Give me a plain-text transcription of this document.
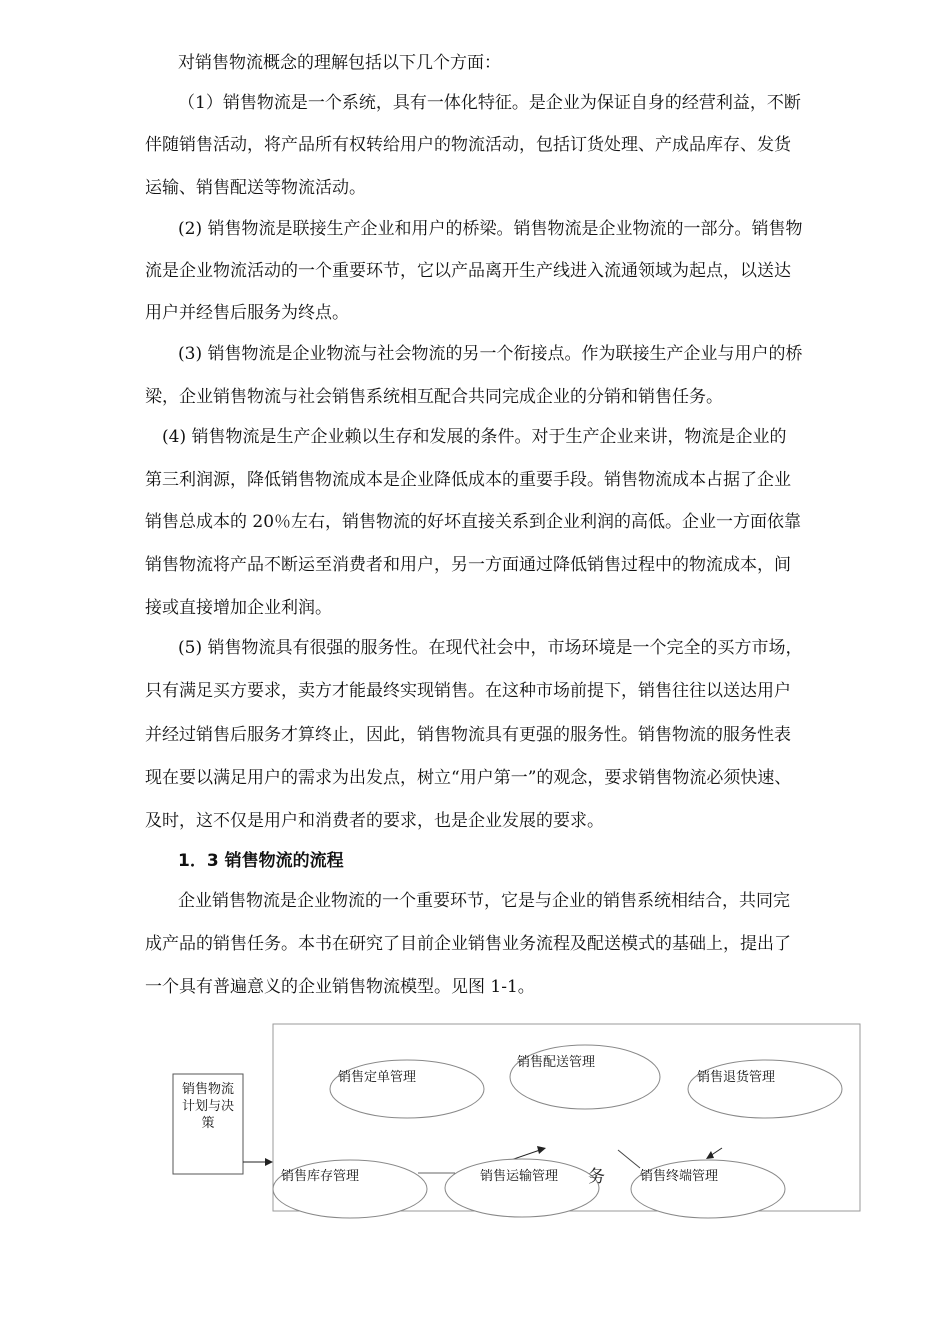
对销售物流概念的理解包括以下几个方面：
（1）销售物流是一个系统，具有一体化特征。是企业为保证自身的经营利益，不断
伴随销售活动，将产品所有权转给用户的物流活动，包括订货处理、产成品库存、发货
运输、销售配送等物流活动。
(2) 销售物流是联接生产企业和用户的桥梁。销售物流是企业物流的一部分。销售物
流是企业物流活动的一个重要环节，它以产品离开生产线进入流通领域为起点，以送达
用户并经售后服务为终点。
(3) 销售物流是企业物流与社会物流的另一个衔接点。作为联接生产企业与用户的桥
梁，企业销售物流与社会销售系统相互配合共同完成企业的分销和销售任务。
(4) 销售物流是生产企业赖以生存和发展的条件。对于生产企业来讲，物流是企业的
第三利润源，降低销售物流成本是企业降低成本的重要手段。销售物流成本占据了企业
销售总成本的 20％左右，销售物流的好坏直接关系到企业利润的高低。企业一方面依靠
销售物流将产品不断运至消费者和用户，另一方面通过降低销售过程中的物流成本，间
接或直接增加企业利润。
(5) 销售物流具有很强的服务性。在现代社会中，市场环境是一个完全的买方市场，
只有满足买方要求，卖方才能最终实现销售。在这种市场前提下，销售往往以送达用户
并经过销售后服务才算终止，因此，销售物流具有更强的服务性。销售物流的服务性表
现在要以满足用户的需求为出发点，树立“用户第一”的观念，要求销售物流必须快速、
及时，这不仅是用户和消费者的要求，也是企业发展的要求。
1．3 销售物流的流程
企业销售物流是企业物流的一个重要环节，它是与企业的销售系统相结合，共同完
成产品的销售任务。本书在研究了目前企业销售业务流程及配送模式的基础上，提出了
一个具有普遍意义的企业销售物流模型。见图 1-1。
销售物流计划与决策
销售定单管理
销售配送管理
销售退货管理
销售库存管理	务
销售运输管理	销售终端管理
